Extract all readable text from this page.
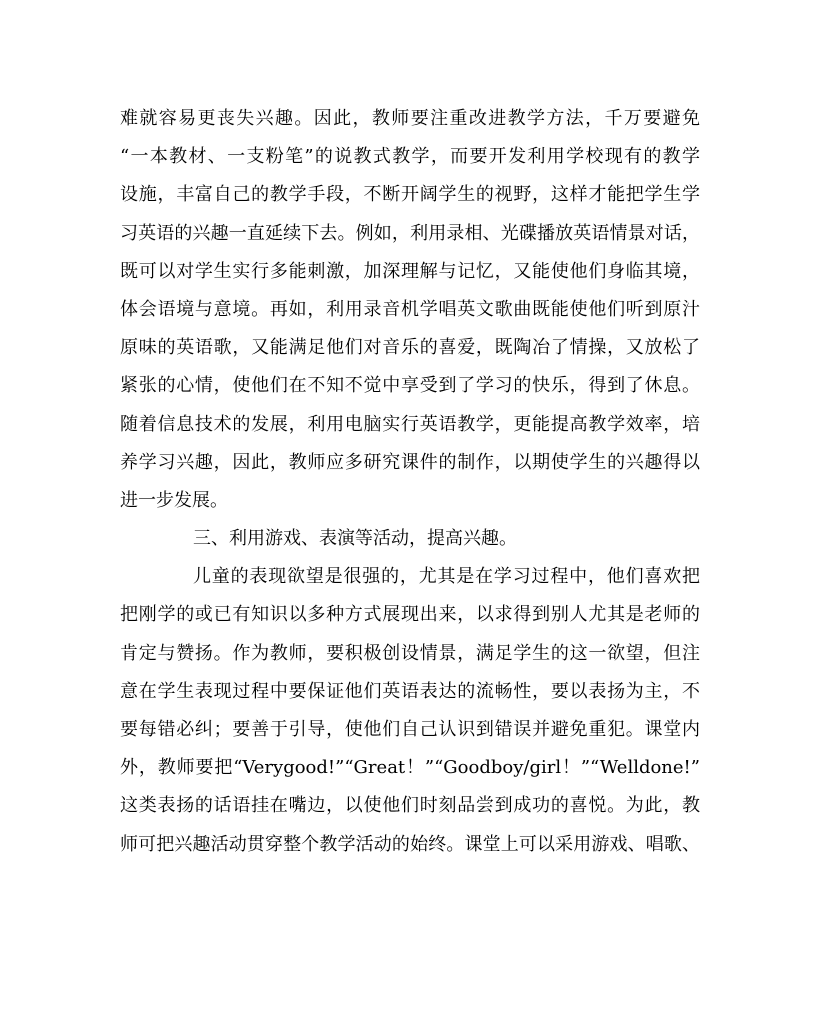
难就容易更丧失兴趣。因此，教师要注重改进教学方法，千万要避免
“一本教材、一支粉笔”的说教式教学，而要开发利用学校现有的教学
设施，丰富自己的教学手段，不断开阔学生的视野，这样才能把学生学
习英语的兴趣一直延续下去。例如，利用录相、光碟播放英语情景对话，
既可以对学生实行多能刺激，加深理解与记忆，又能使他们身临其境，
体会语境与意境。再如，利用录音机学唱英文歌曲既能使他们听到原汁
原味的英语歌，又能满足他们对音乐的喜爱，既陶冶了情操，又放松了
紧张的心情，使他们在不知不觉中享受到了学习的快乐，得到了休息。
随着信息技术的发展，利用电脑实行英语教学，更能提高教学效率，培
养学习兴趣，因此，教师应多研究课件的制作，以期使学生的兴趣得以
进一步发展。
三、利用游戏、表演等活动，提高兴趣。
儿童的表现欲望是很强的，尤其是在学习过程中，他们喜欢把
把刚学的或已有知识以多种方式展现出来，以求得到别人尤其是老师的
肯定与赞扬。作为教师，要积极创设情景，满足学生的这一欲望，但注
意在学生表现过程中要保证他们英语表达的流畅性，要以表扬为主，不
要每错必纠；要善于引导，使他们自己认识到错误并避免重犯。课堂内
外，教师要把“Verygood!”“Great！”“Goodboy/girl！”“Welldone!”
这类表扬的话语挂在嘴边，以使他们时刻品尝到成功的喜悦。为此，教
师可把兴趣活动贯穿整个教学活动的始终。课堂上可以采用游戏、唱歌、
